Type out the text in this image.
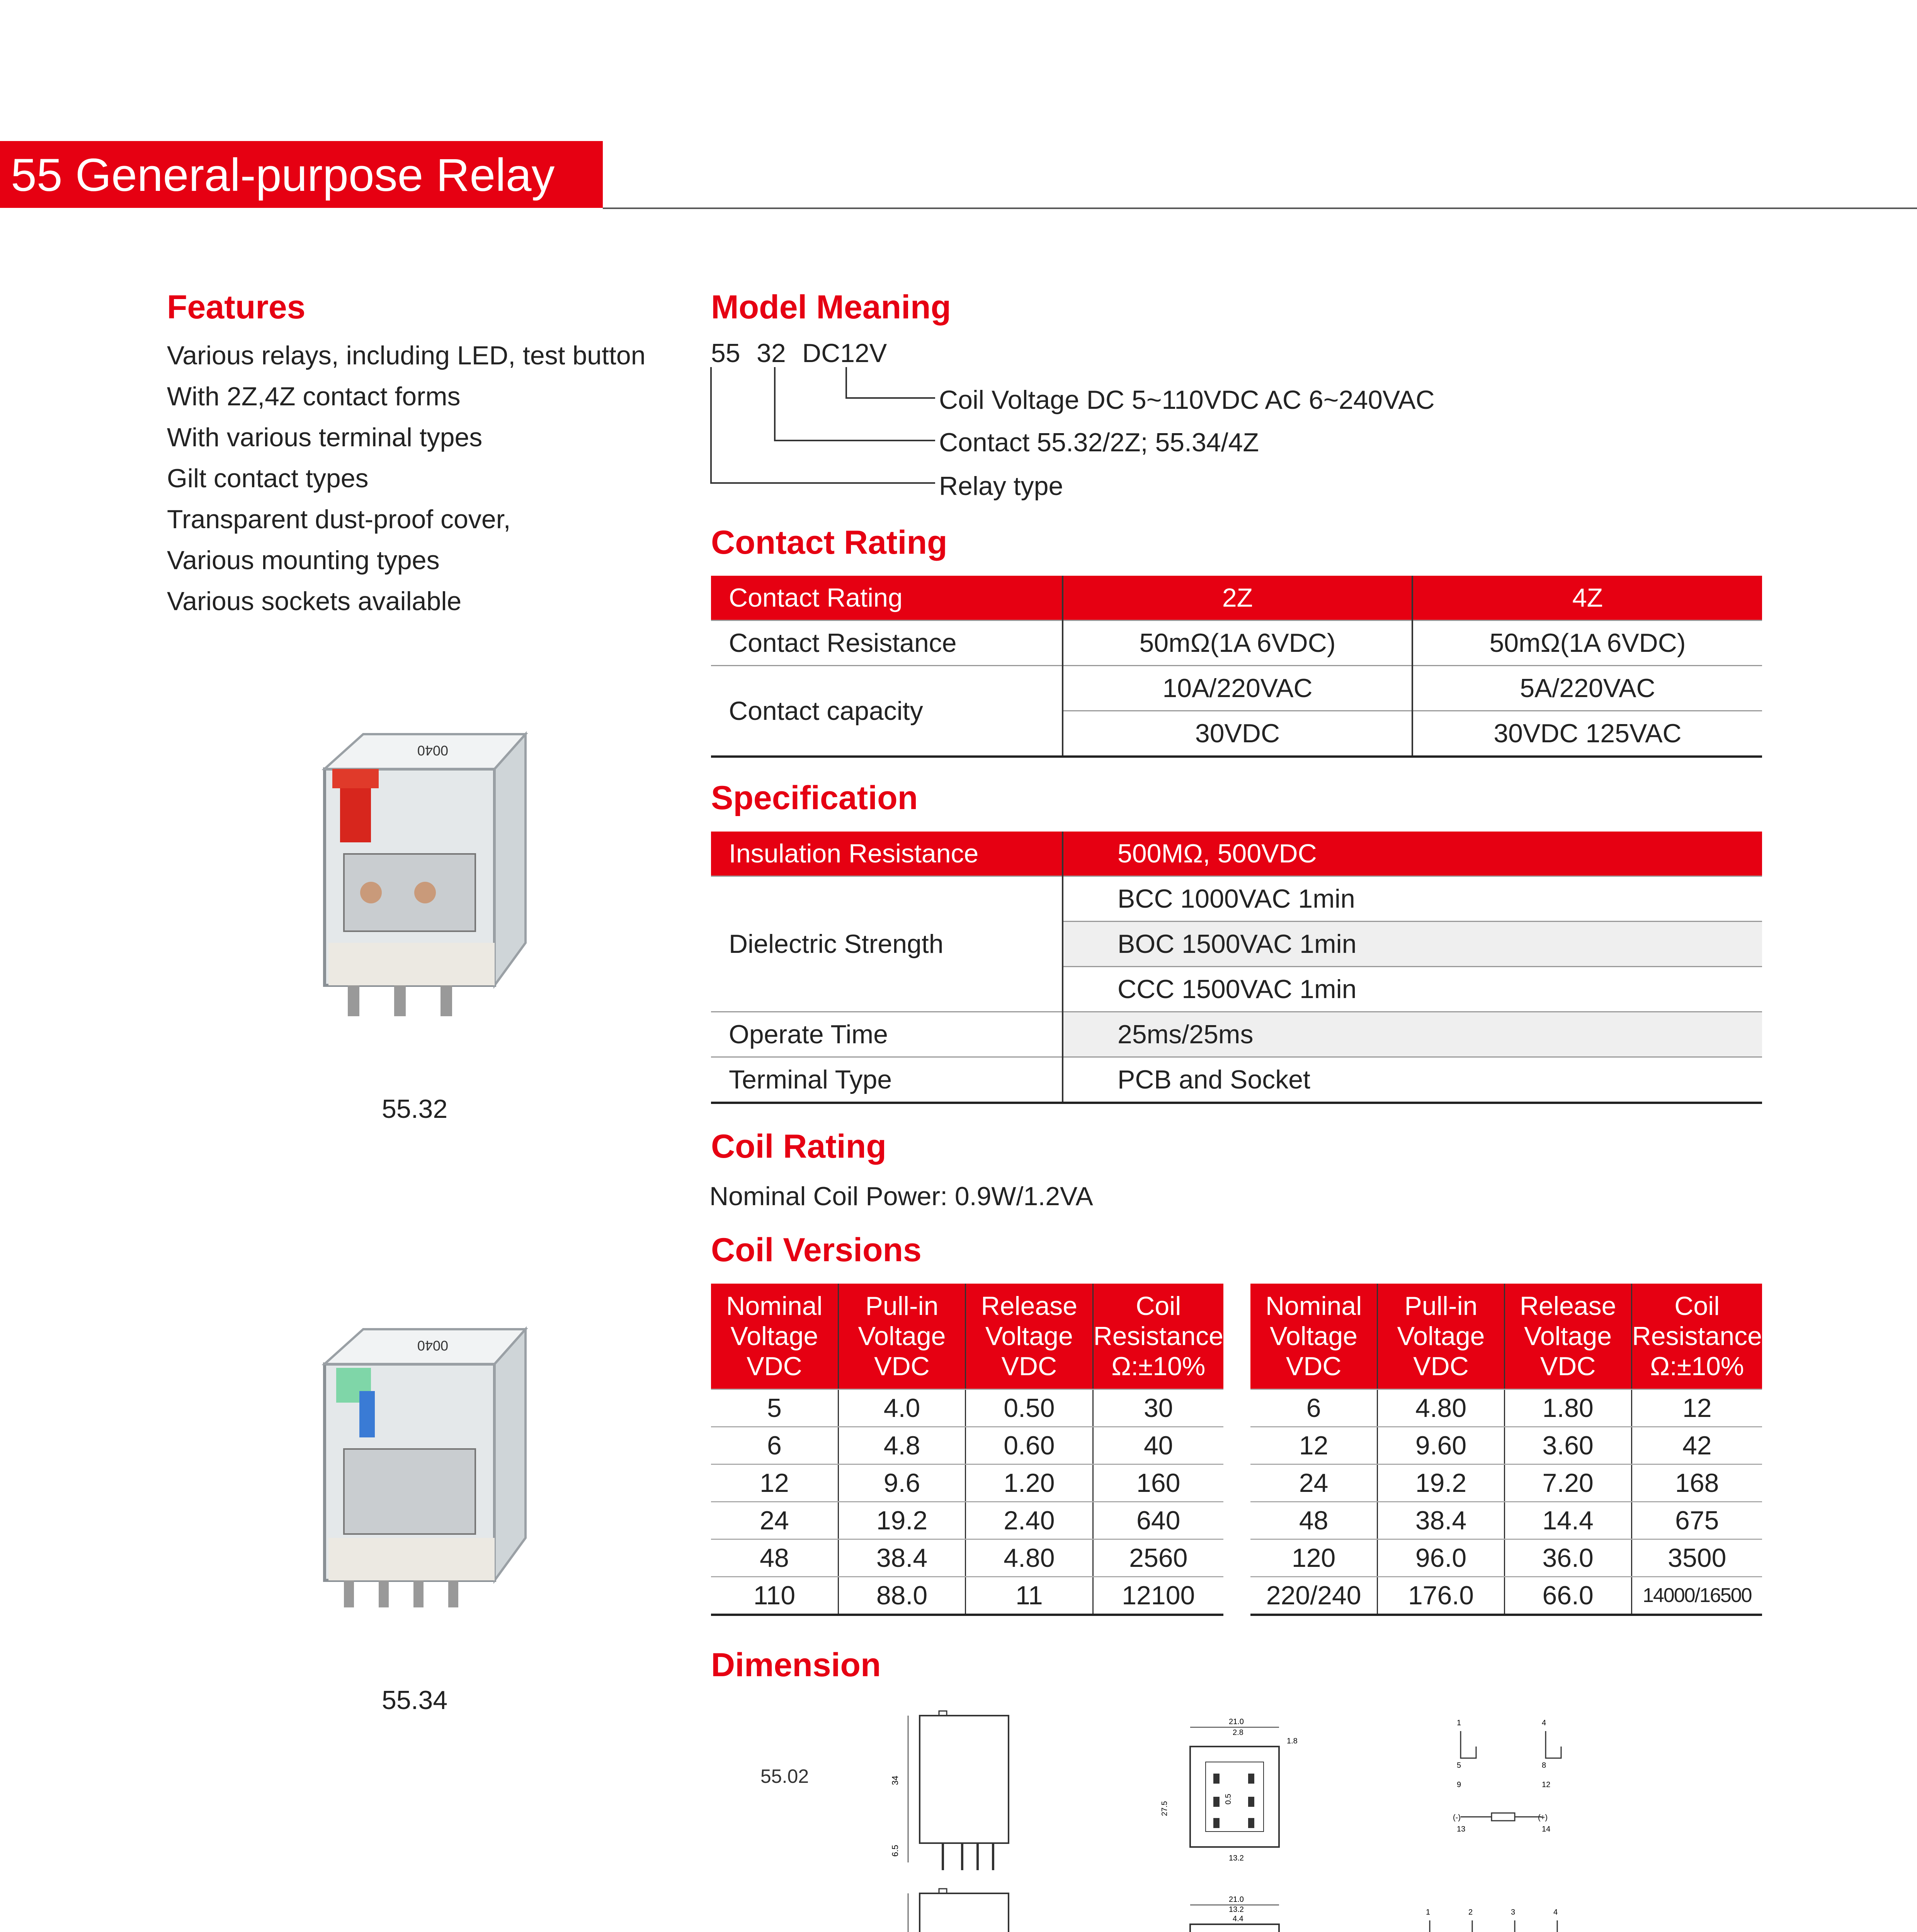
55 General-purpose Relay
Features
Various relays, including LED, test button
With 2Z,4Z contact forms
With various terminal types
Gilt contact types
Transparent dust-proof cover,
Various mounting types
Various sockets available
0040
55.32
0040
55.34
Model Meaning
55 32 DC12V
Coil Voltage DC 5~110VDC AC 6~240VAC
Contact 55.32/2Z; 55.34/4Z
Relay type
Contact Rating
Contact Rating	2Z	4Z
Contact Resistance	50mΩ(1A 6VDC)	50mΩ(1A 6VDC)
Contact capacity	10A/220VAC	5A/220VAC
	30VDC	30VDC 125VAC
Specification
Insulation Resistance	500MΩ, 500VDC
Dielectric Strength	BCC 1000VAC 1min
	BOC 1500VAC 1min
	CCC 1500VAC 1min
Operate Time	25ms/25ms
Terminal Type	PCB and Socket
Coil Rating
Nominal Coil Power: 0.9W/1.2VA
Coil Versions
Nominal
Voltage
VDC	Pull-in
Voltage
VDC	Release
Voltage
VDC	Coil
Resistance
Ω:±10%
5	4.0	0.50	30
6	4.8	0.60	40
12	9.6	1.20	160
24	19.2	2.40	640
48	38.4	4.80	2560
110	88.0	11	12100
Nominal
Voltage
VDC	Pull-in
Voltage
VDC	Release
Voltage
VDC	Coil
Resistance
Ω:±10%
6	4.80	1.80	12
12	9.60	3.60	42
24	19.2	7.20	168
48	38.4	14.4	675
120	96.0	36.0	3500
220/240	176.0	66.0	14000/16500
Dimension
55.02	34
6.5
21.0
2.8
1.8
27.5
0.5
13.2
1	4
5	8
9	12
(-)	(+)
13	14
21.0
13.2
4.4
1	2	3	4
